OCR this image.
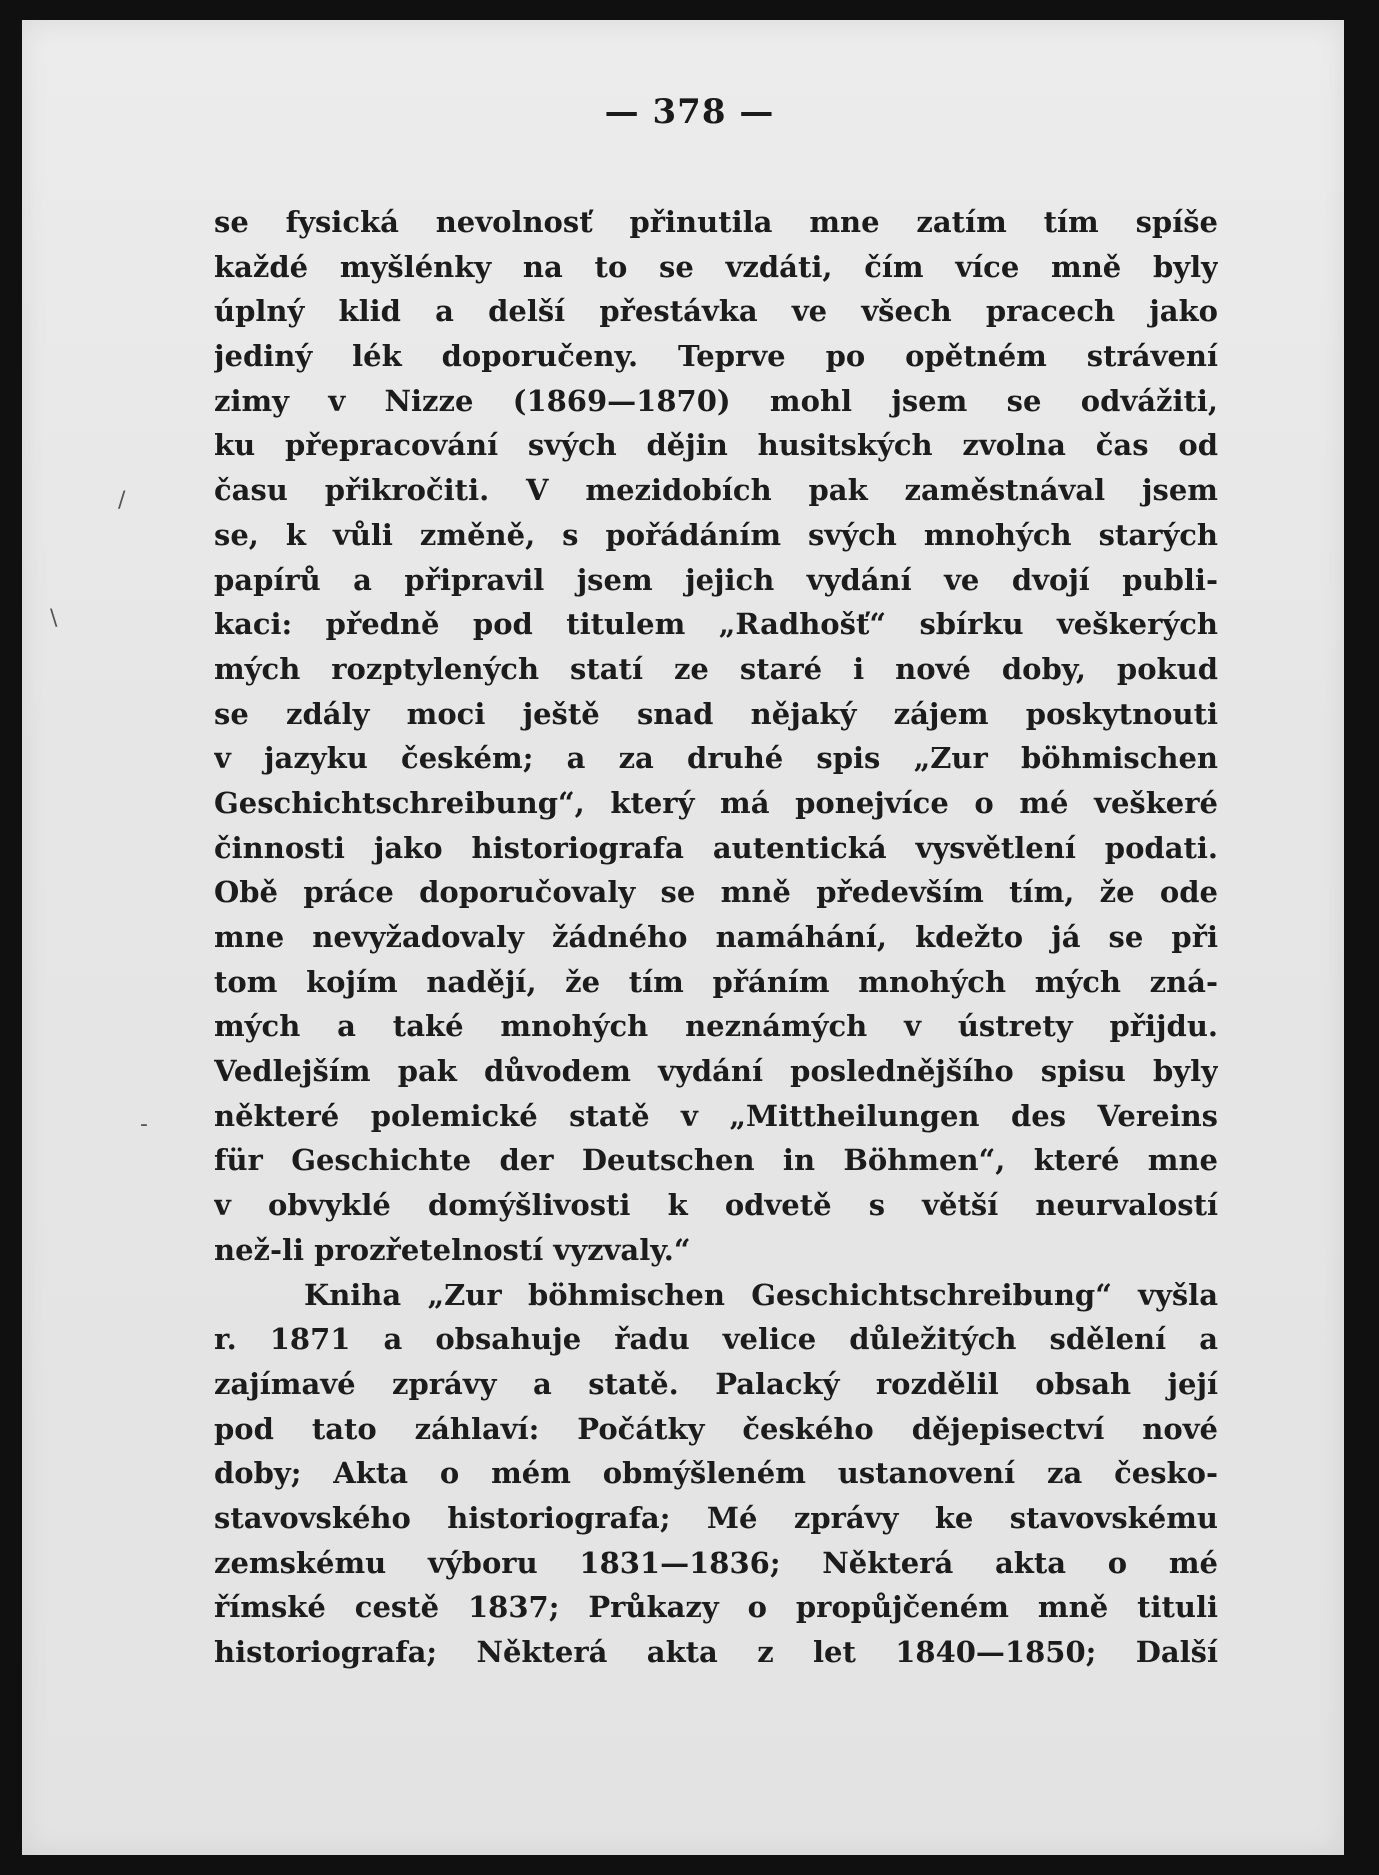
— 378 —
/
\
-
se fysická nevolnosť přinutila mne zatím tím spíše
každé myšlénky na to se vzdáti, čím více mně byly
úplný klid a delší přestávka ve všech pracech jako
jediný lék doporučeny. Teprve po opětném strávení
zimy v Nizze (1869—1870) mohl jsem se odvážiti,
ku přepracování svých dějin husitských zvolna čas od
času přikročiti. V mezidobích pak zaměstnával jsem
se, k vůli změně, s pořádáním svých mnohých starých
papírů a připravil jsem jejich vydání ve dvojí publi-
kaci: předně pod titulem „Radhošť“ sbírku veškerých
mých rozptylených statí ze staré i nové doby, pokud
se zdály moci ještě snad nějaký zájem poskytnouti
v jazyku českém; a za druhé spis „Zur böhmischen
Geschichtschreibung“, který má ponejvíce o mé veškeré
činnosti jako historiografa autentická vysvětlení podati.
Obě práce doporučovaly se mně především tím, že ode
mne nevyžadovaly žádného namáhání, kdežto já se při
tom kojím nadějí, že tím přáním mnohých mých zná-
mých a také mnohých neznámých v ústrety přijdu.
Vedlejším pak důvodem vydání poslednějšího spisu byly
některé polemické statě v „Mittheilungen des Vereins
für Geschichte der Deutschen in Böhmen“, které mne
v obvyklé domýšlivosti k odvetě s větší neurvalostí
než-li prozřetelností vyzvaly.“
Kniha „Zur böhmischen Geschichtschreibung“ vyšla
r. 1871 a obsahuje řadu velice důležitých sdělení a
zajímavé zprávy a statě. Palacký rozdělil obsah její
pod tato záhlaví: Počátky českého dějepisectví nové
doby; Akta o mém obmýšleném ustanovení za česko-
stavovského historiografa; Mé zprávy ke stavovskému
zemskému výboru 1831—1836; Některá akta o mé
římské cestě 1837; Průkazy o propůjčeném mně tituli
historiografa; Některá akta z let 1840—1850; Další
